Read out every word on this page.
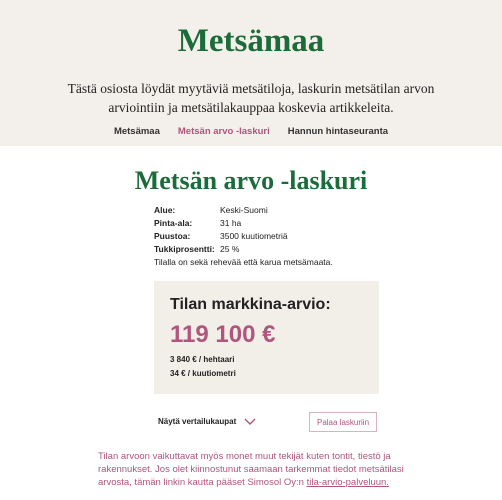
Metsämaa
Tästä osiosta löydät myytäviä metsätiloja, laskurin metsätilan arvon arviointiin ja metsätilakauppaa koskevia artikkeleita.
Metsämaa Metsän arvo -laskuri Hannun hintaseuranta
Metsän arvo -laskuri
Alue:	Keski-Suomi
Pinta-ala:	31 ha
Puustoa:	3500 kuutiometriä
Tukkiprosentti: 25 %
Tilalla on sekä rehevää että karua metsämaata.
Tilan markkina-arvio:
119 100 €
3 840 € / hehtaari
34 € / kuutiometri
Näytä vertailukaupat	Palaa laskuriin
Tilan arvoon vaikuttavat myös monet muut tekijät kuten tontit, tiestö ja rakennukset. Jos olet kiinnostunut saamaan tarkemmat tiedot metsätilasi arvosta, tämän linkin kautta pääset Simosol Oy:n tila-arvio-palveluun.
